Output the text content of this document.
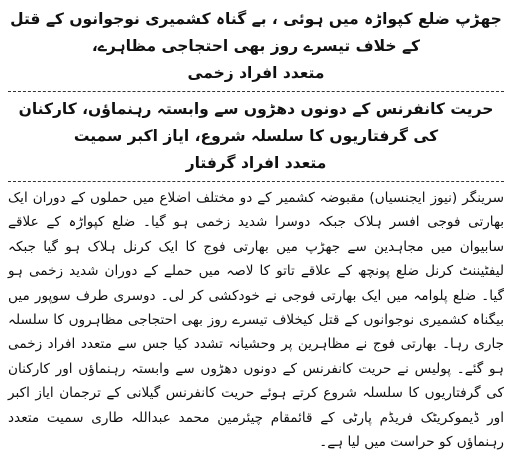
جھڑپ ضلع کپواڑہ میں ہوئی ، بے گناہ کشمیری نوجوانوں کے قتل کے خلاف تیسرے روز بھی احتجاجی مظاہرے،

متعدد افراد زخمی

حریت کانفرنس کے دونوں دھڑوں سے وابستہ رہنماؤں، کارکنان کی گرفتاریوں کا سلسلہ شروع، ایاز اکبر سمیت

متعدد افراد گرفتار

سرینگر (نیوز ایجنسیاں) مقبوضہ کشمیر کے دو مختلف اضلاع میں حملوں کے دوران ایک بھارتی فوجی افسر ہلاک جبکہ دوسرا شدید زخمی ہو گیا۔ ضلع کپواڑہ کے علاقے سابیوان میں مجاہدین سے جھڑپ میں بھارتی فوج کا ایک کرنل ہلاک ہو گیا جبکہ لیفٹیننٹ کرنل ضلع پونچھ کے علاقے تاتو کا لاصہ میں حملے کے دوران شدید زخمی ہو گیا۔ ضلع پلوامہ میں ایک بھارتی فوجی نے خودکشی کر لی۔ دوسری طرف سوپور میں بیگناہ کشمیری نوجوانوں کے قتل کیخلاف تیسرے روز بھی احتجاجی مظاہروں کا سلسلہ جاری رہا۔ بھارتی فوج نے مظاہرین پر وحشیانہ تشدد کیا جس سے متعدد افراد زخمی ہو گئے۔ پولیس نے حریت کانفرنس کے دونوں دھڑوں سے وابستہ رہنماؤں اور کارکنان کی گرفتاریوں کا سلسلہ شروع کرتے ہوئے حریت کانفرنس گیلانی کے ترجمان ایاز اکبر اور ڈیموکریٹک فریڈم پارٹی کے قائمقام چیئرمین محمد عبداللہ طاری سمیت متعدد رہنماؤں کو حراست میں لیا ہے۔
